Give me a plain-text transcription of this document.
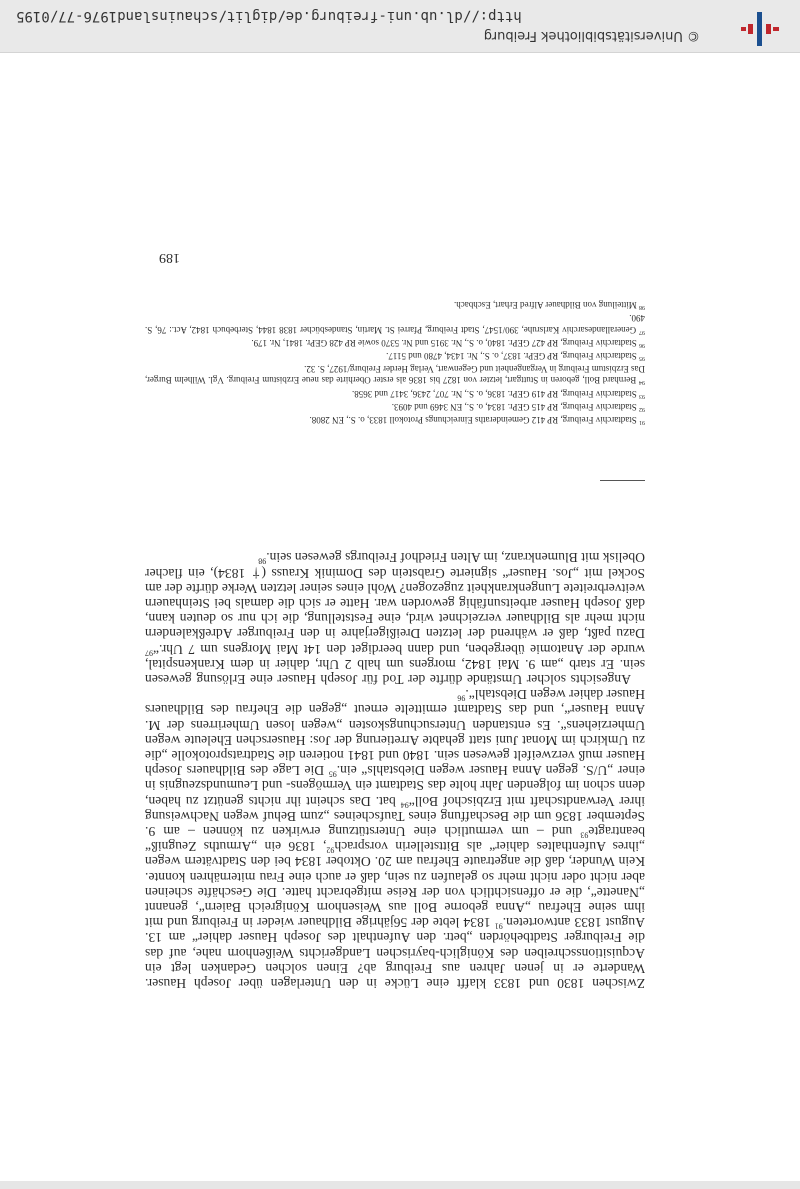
Zwischen 1830 und 1833 klafft eine Lücke in den Unterlagen über Joseph Hauser. Wanderte er in jenen Jahren aus Freiburg ab? Einen solchen Gedanken legt ein Acquisitionsschreiben des Königlich-bayrischen Landgerichts Weißenhorn nahe, auf das die Freiburger Stadtbehörden „betr. den Aufenthalt des Joseph Hauser dahier“ am 13. August 1833 antworteten.$^{91}$ 1834 lebte der 56jährige Bildhauer wieder in Freiburg und mit ihm seine Ehefrau „Anna geborne Boll aus Weisenhorn Königreich Baiern“, genannt „Nanette“, die er offensichtlich von der Reise mitgebracht hatte. Die Geschäfte scheinen aber nicht oder nicht mehr so gelaufen zu sein, daß er auch eine Frau miternähren konnte. Kein Wunder, daß die angetraute Ehefrau am 20. Oktober 1834 bei den Stadtvätern wegen „ihres Aufenthaltes dahier“ als Bittstellerin vorsprach$^{92}$, 1836 ein „Armuths Zeugniß“ beantragte$^{93}$ und – um vermutlich eine Unterstützung erwirken zu können – am 9. September 1836 um die Beschaffung eines Taufscheines „zum Behuf wegen Nachweisung ihrer Verwandtschaft mit Erzbischof Boll“$^{94}$ bat. Das scheint ihr nichts genützt zu haben, denn schon im folgenden Jahr holte das Stadtamt ein Vermögens- und Leumundszeugnis in einer „U/S. gegen Anna Hauser wegen Diebstahls“ ein.$^{95}$ Die Lage des Bildhauers Joseph Hauser muß verzweifelt gewesen sein. 1840 und 1841 notieren die Stadtratsprotokolle „die zu Umkirch im Monat Juni statt gehabte Arretierung der Jos: Hauserschen Eheleute wegen Umherziehens“. Es entstanden Untersuchungskosten „wegen losen Umherirrens der M. Anna Hauser“, und das Stadtamt ermittelte erneut „gegen die Ehefrau des Bildhauers Hauser dahier wegen Diebstahl“.$^{96}$

Angesichts solcher Umstände dürfte der Tod für Joseph Hauser eine Erlösung gewesen sein. Er starb „am 9. Mai 1842, morgens um halb 2 Uhr, dahier in dem Krankenspital, wurde der Anatomie übergeben, und dann beerdiget den 14t Mai Morgens um 7 Uhr.“$^{97}$ Dazu paßt, daß er während der letzten Dreißigerjahre in den Freiburger Adreßkalendern nicht mehr als Bildhauer verzeichnet wird, eine Feststellung, die ich nur so deuten kann, daß Joseph Hauser arbeitsunfähig geworden war. Hatte er sich die damals bei Steinhauern weitverbreitete Lungenkrankheit zugezogen? Wohl eines seiner letzten Werke dürfte der am Sockel mit „Jos. Hauser“ signierte Grabstein des Dominik Krauss († 1834), ein flacher Obelisk mit Blumenkranz, im Alten Friedhof Freiburgs gewesen sein.$^{98}$

$^{91}$ Stadtarchiv Freiburg, RP 412 Gemeinderaths Einreichungs Protokoll 1833, o. S., EN 2808.

$^{92}$ Stadtarchiv Freiburg, RP 415 GEPr. 1834, o. S., EN 3469 und 4093.

$^{93}$ Stadtarchiv Freiburg, RP 419 GEPr. 1836, o. S., Nr. 707, 2436, 3417 und 3658.

$^{94}$ Bernhard Boll, geboren in Stuttgart, letzter von 1827 bis 1836 als erster Oberhirte das neue Erzbistum Freiburg. Vgl. Wilhelm Burger, Das Erzbistum Freiburg in Vergangenheit und Gegenwart, Verlag Herder Freiburg/1927, S. 32.

$^{95}$ Stadtarchiv Freiburg, RP GEPr. 1837, o. S., Nr. 1434, 4780 und 5117.

$^{96}$ Stadtarchiv Freiburg, RP 427 GEPr. 1840, o. S., Nr. 3915 und Nr. 5370 sowie RP 428 GEPr. 1841, Nr. 179.

$^{97}$ Generallandesarchiv Karlsruhe, 390/1547, Stadt Freiburg, Pfarrei St. Martin, Standesbücher 1838 1844, Sterbebuch 1842, Act.: 76, S. 490.

$^{98}$ Mitteilung von Bildhauer Alfred Erhart, Eschbach.

189
http://dl.ub.uni-freiburg.de/diglit/schauinsland1976-77/0195
© Universitätsbibliothek Freiburg
